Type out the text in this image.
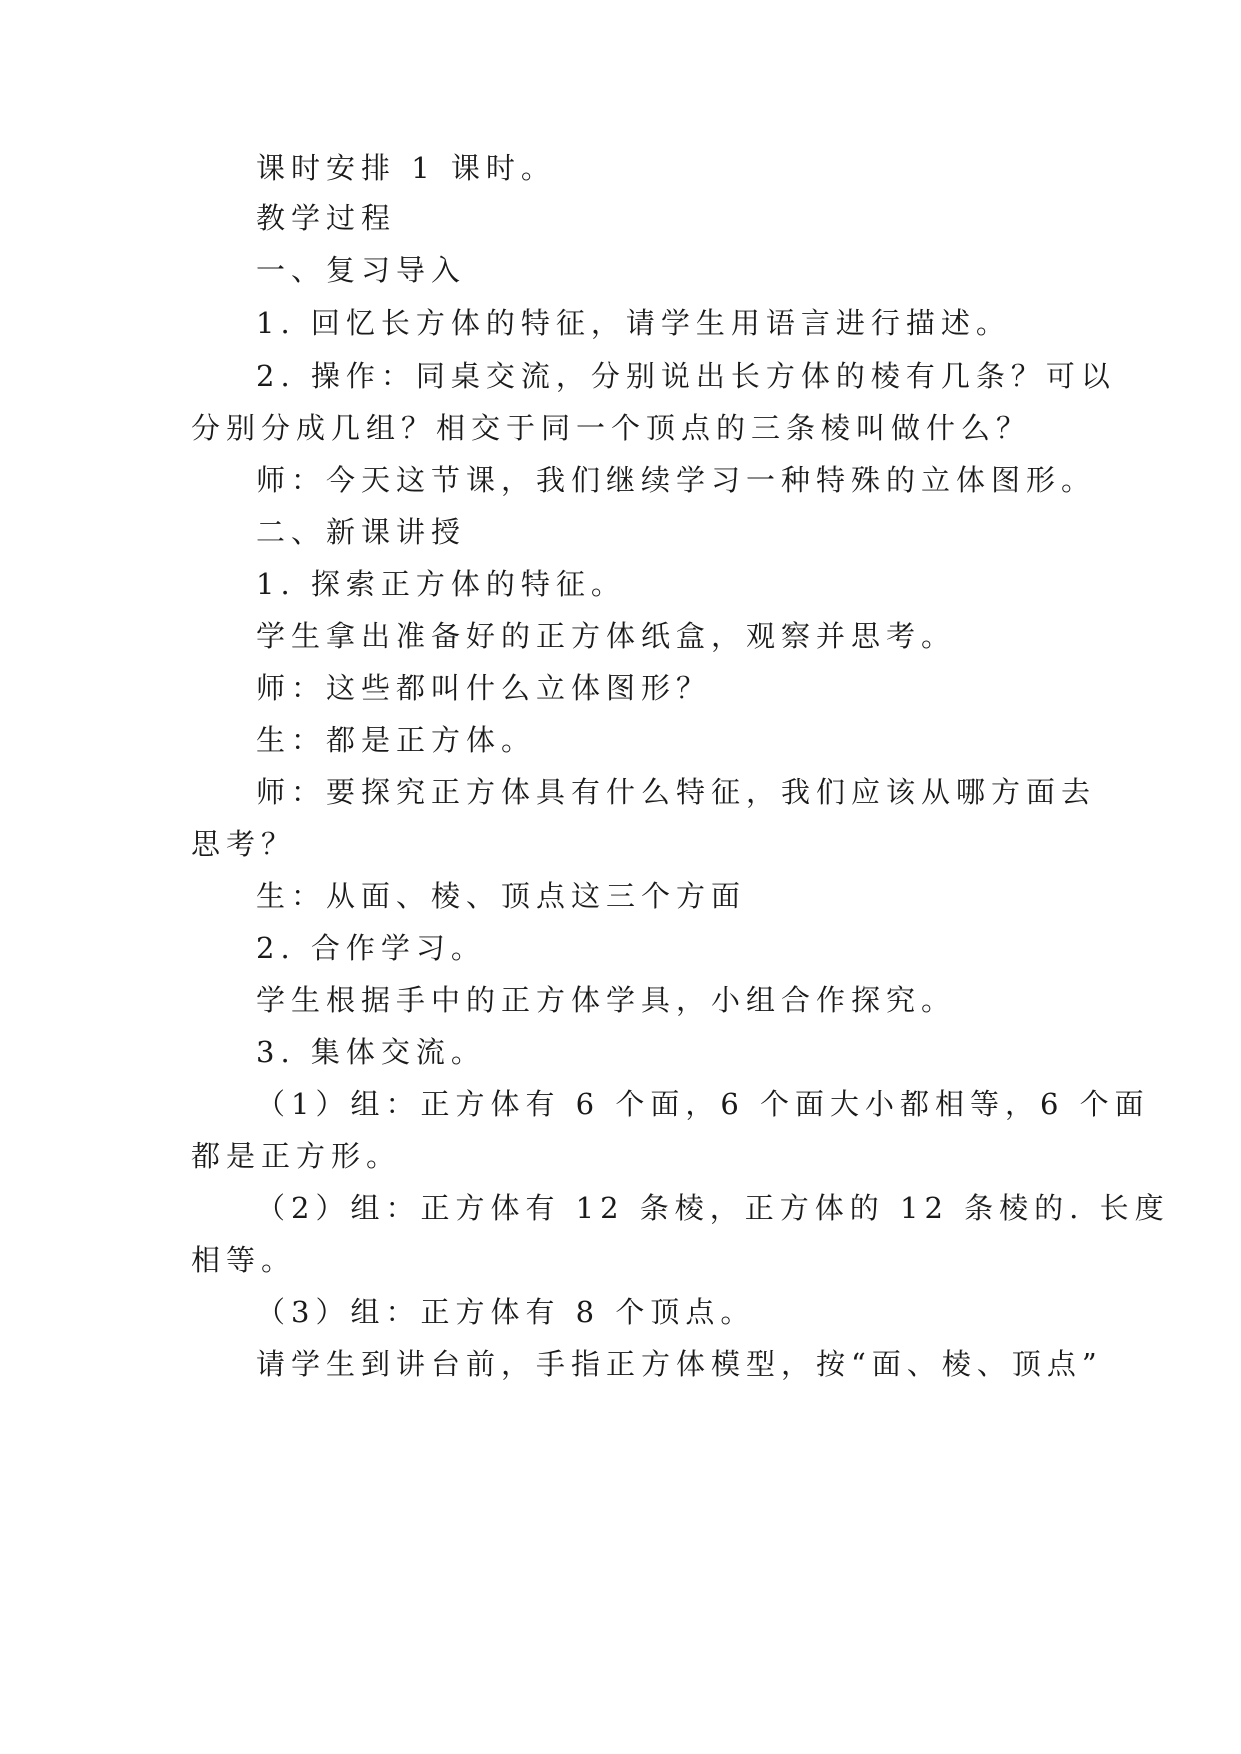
课时安排 1 课时。

教学过程

一、复习导入

1. 回忆长方体的特征，请学生用语言进行描述。

2. 操作：同桌交流，分别说出长方体的棱有几条？可以

分别分成几组？相交于同一个顶点的三条棱叫做什么？

师：今天这节课，我们继续学习一种特殊的立体图形。

二、新课讲授

1. 探索正方体的特征。

学生拿出准备好的正方体纸盒，观察并思考。

师：这些都叫什么立体图形？

生：都是正方体。

师：要探究正方体具有什么特征，我们应该从哪方面去

思考？

生：从面、棱、顶点这三个方面

2. 合作学习。

学生根据手中的正方体学具，小组合作探究。

3. 集体交流。

（1）组：正方体有 6 个面，6 个面大小都相等，6 个面

都是正方形。

（2）组：正方体有 12 条棱，正方体的 12 条棱的. 长度

相等。

（3）组：正方体有 8 个顶点。

请学生到讲台前，手指正方体模型，按“面、棱、顶点”
